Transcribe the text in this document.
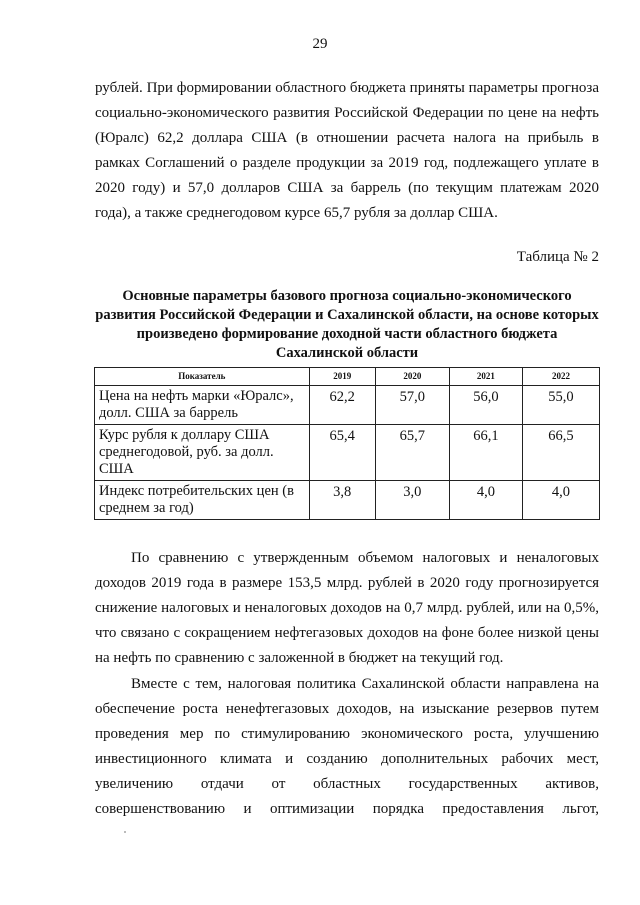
29

рублей. При формировании областного бюджета приняты параметры прогноза социально-экономического развития Российской Федерации по цене на нефть (Юралс) 62,2 доллара США (в отношении расчета налога на прибыль в рамках Соглашений о разделе продукции за 2019 год, подлежащего уплате в 2020 году) и 57,0 долларов США за баррель (по текущим платежам 2020 года), а также среднегодовом курсе 65,7 рубля за доллар США.

Таблица № 2
Основные параметры базового прогноза социально-экономического развития Российской Федерации и Сахалинской области, на основе которых произведено формирование доходной части областного бюджета Сахалинской области
Показатель	2019	2020	2021	2022
Цена на нефть марки «Юралс», долл. США за баррель	62,2	57,0	56,0	55,0
Курс рубля к доллару США среднегодовой, руб. за долл. США	65,4	65,7	66,1	66,5
Индекс потребительских цен (в среднем за год)	3,8	3,0	4,0	4,0

По сравнению с утвержденным объемом налоговых и неналоговых доходов 2019 года в размере 153,5 млрд. рублей в 2020 году прогнозируется снижение налоговых и неналоговых доходов на 0,7 млрд. рублей, или на 0,5%, что связано с сокращением нефтегазовых доходов на фоне более низкой цены на нефть по сравнению с заложенной в бюджет на текущий год.

Вместе с тем, налоговая политика Сахалинской области направлена на обеспечение роста ненефтегазовых доходов, на изыскание резервов путем проведения мер по стимулированию экономического роста, улучшению инвестиционного климата и созданию дополнительных рабочих мест, увеличению отдачи от областных государственных активов, совершенствованию и оптимизации порядка предоставления льгот,
